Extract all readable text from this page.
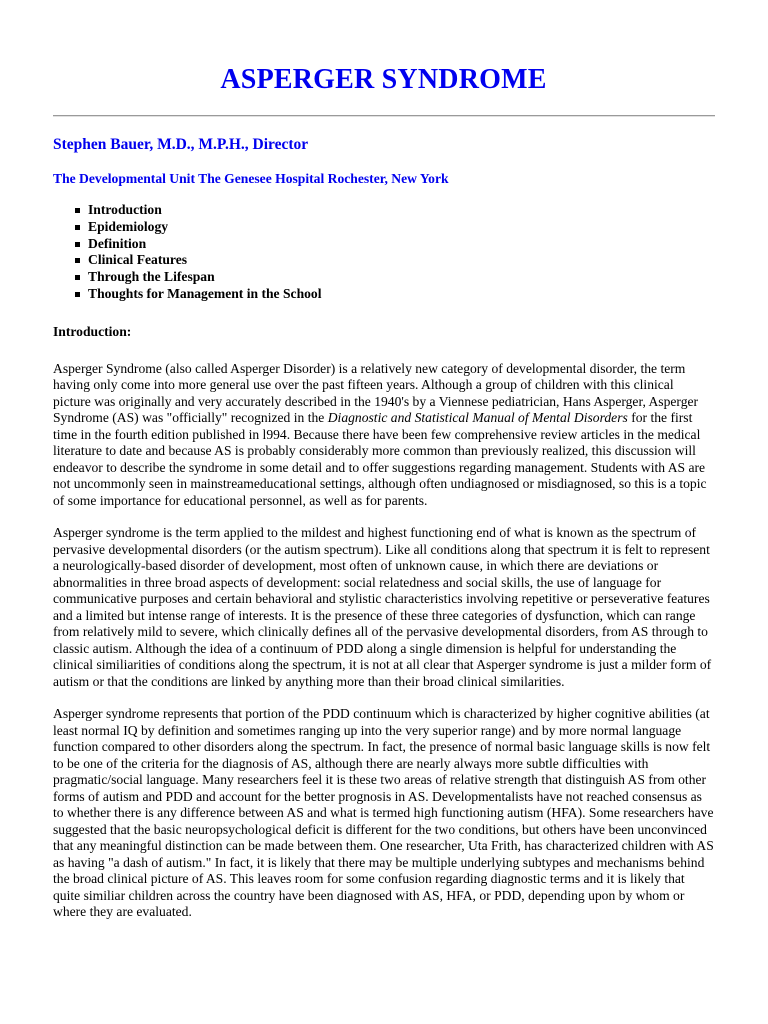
ASPERGER SYNDROME
Stephen Bauer, M.D., M.P.H., Director
The Developmental Unit The Genesee Hospital Rochester, New York
Introduction
Epidemiology
Definition
Clinical Features
Through the Lifespan
Thoughts for Management in the School

Introduction:

Asperger Syndrome (also called Asperger Disorder) is a relatively new category of developmental disorder, the term having only come into more general use over the past fifteen years. Although a group of children with this clinical picture was originally and very accurately described in the 1940's by a Viennese pediatrician, Hans Asperger, Asperger Syndrome (AS) was "officially" recognized in the Diagnostic and Statistical Manual of Mental Disorders for the first time in the fourth edition published in l994. Because there have been few comprehensive review articles in the medical literature to date and because AS is probably considerably more common than previously realized, this discussion will endeavor to describe the syndrome in some detail and to offer suggestions regarding management. Students with AS are not uncommonly seen in mainstreameducational settings, although often undiagnosed or misdiagnosed, so this is a topic of some importance for educational personnel, as well as for parents.

Asperger syndrome is the term applied to the mildest and highest functioning end of what is known as the spectrum of pervasive developmental disorders (or the autism spectrum). Like all conditions along that spectrum it is felt to represent a neurologically-based disorder of development, most often of unknown cause, in which there are deviations or abnormalities in three broad aspects of development: social relatedness and social skills, the use of language for communicative purposes and certain behavioral and stylistic characteristics involving repetitive or perseverative features and a limited but intense range of interests. It is the presence of these three categories of dysfunction, which can range from relatively mild to severe, which clinically defines all of the pervasive developmental disorders, from AS through to classic autism. Although the idea of a continuum of PDD along a single dimension is helpful for understanding the clinical similiarities of conditions along the spectrum, it is not at all clear that Asperger syndrome is just a milder form of autism or that the conditions are linked by anything more than their broad clinical similarities.

Asperger syndrome represents that portion of the PDD continuum which is characterized by higher cognitive abilities (at least normal IQ by definition and sometimes ranging up into the very superior range) and by more normal language function compared to other disorders along the spectrum. In fact, the presence of normal basic language skills is now felt to be one of the criteria for the diagnosis of AS, although there are nearly always more subtle difficulties with pragmatic/social language. Many researchers feel it is these two areas of relative strength that distinguish AS from other forms of autism and PDD and account for the better prognosis in AS. Developmentalists have not reached consensus as to whether there is any difference between AS and what is termed high functioning autism (HFA). Some researchers have suggested that the basic neuropsychological deficit is different for the two conditions, but others have been unconvinced that any meaningful distinction can be made between them. One researcher, Uta Frith, has characterized children with AS as having "a dash of autism." In fact, it is likely that there may be multiple underlying subtypes and mechanisms behind the broad clinical picture of AS. This leaves room for some confusion regarding diagnostic terms and it is likely that quite similiar children across the country have been diagnosed with AS, HFA, or PDD, depending upon by whom or where they are evaluated.
